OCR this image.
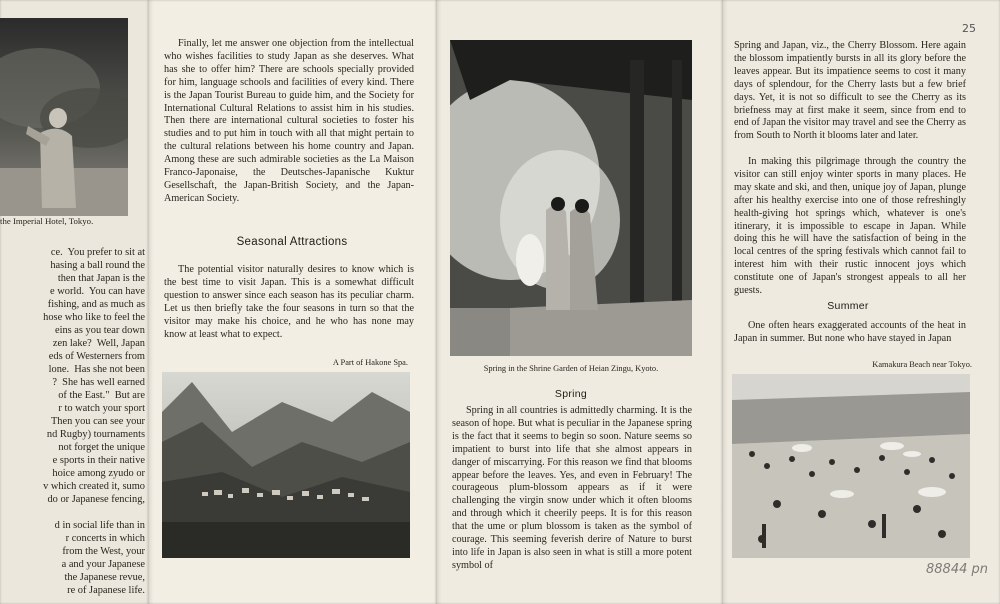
the Imperial Hotel, Tokyo.
ce.  You prefer to sit at
hasing a ball round the
then that Japan is the
e world.  You can have
fishing, and as much as
hose who like to feel the
eins as you tear down
zen lake?  Well, Japan
eds of Westerners from
lone.  Has she not been
?  She has well earned
of the East."  But are
r to watch your sport
Then you can see your
nd Rugby) tournaments
not forget the unique
e sports in their native
hoice among zyudo or
v which created it, sumo
do or Japanese fencing,

d in social life than in
r concerts in which
from the West, your
a and your Japanese
the Japanese revue,
re of Japanese life.

Finally, let me answer one objection from the intellectual who wishes facilities to study Japan as she deserves. What has she to offer him? There are schools specially provided for him, language schools and facilities of every kind. There is the Japan Tourist Bureau to guide him, and the Society for International Cultural Relations to assist him in his studies. Then there are international cultural societies to foster his studies and to put him in touch with all that might pertain to the cultural relations between his home country and Japan. Among these are such admirable societies as the La Maison Franco-Japonaise, the Deutsches-Japanische Kuktur Gesellschaft, the Japan-British Society, and the Japan-American Society.

Seasonal Attractions

The potential visitor naturally desires to know which is the best time to visit Japan. This is a somewhat difficult question to answer since each season has its peculiar charm. Let us then briefly take the four seasons in turn so that the visitor may make his choice, and he who has none may know at least what to expect.

A Part of Hakone Spa.
Spring in the Shrine Garden of Heian Zingu, Kyoto.
Spring

Spring in all countries is admittedly charming. It is the season of hope. But what is peculiar in the Japanese spring is the fact that it seems to begin so soon. Nature seems so impatient to burst into life that she almost appears in danger of miscarrying. For this reason we find that blooms appear before the leaves. Yes, and even in February! The courageous plum-blossom appears as if it were challenging the virgin snow under which it often blooms and through which it cheerily peeps. It is for this reason that the ume or plum blossom is taken as the symbol of courage. This seeming feverish derire of Nature to burst into life in Japan is also seen in what is still a more potent symbol of

25

Spring and Japan, viz., the Cherry Blossom. Here again the blossom impatiently bursts in all its glory before the leaves appear. But its impatience seems to cost it many days of splendour, for the Cherry lasts but a few brief days. Yet, it is not so difficult to see the Cherry as its briefness may at first make it seem, since from end to end of Japan the visitor may travel and see the Cherry as from South to North it blooms later and later.

In making this pilgrimage through the country the visitor can still enjoy winter sports in many places. He may skate and ski, and then, unique joy of Japan, plunge after his healthy exercise into one of those refreshingly health-giving hot springs which, whatever is one's itinerary, it is impossible to escape in Japan. While doing this he will have the satisfaction of being in the local centres of the spring festivals which cannot fail to interest him with their rustic innocent joys which constitute one of Japan's strongest appeals to all her guests.

Summer

One often hears exaggerated accounts of the heat in Japan in summer. But none who have stayed in Japan

Kamakura Beach near Tokyo.
88844 pn
